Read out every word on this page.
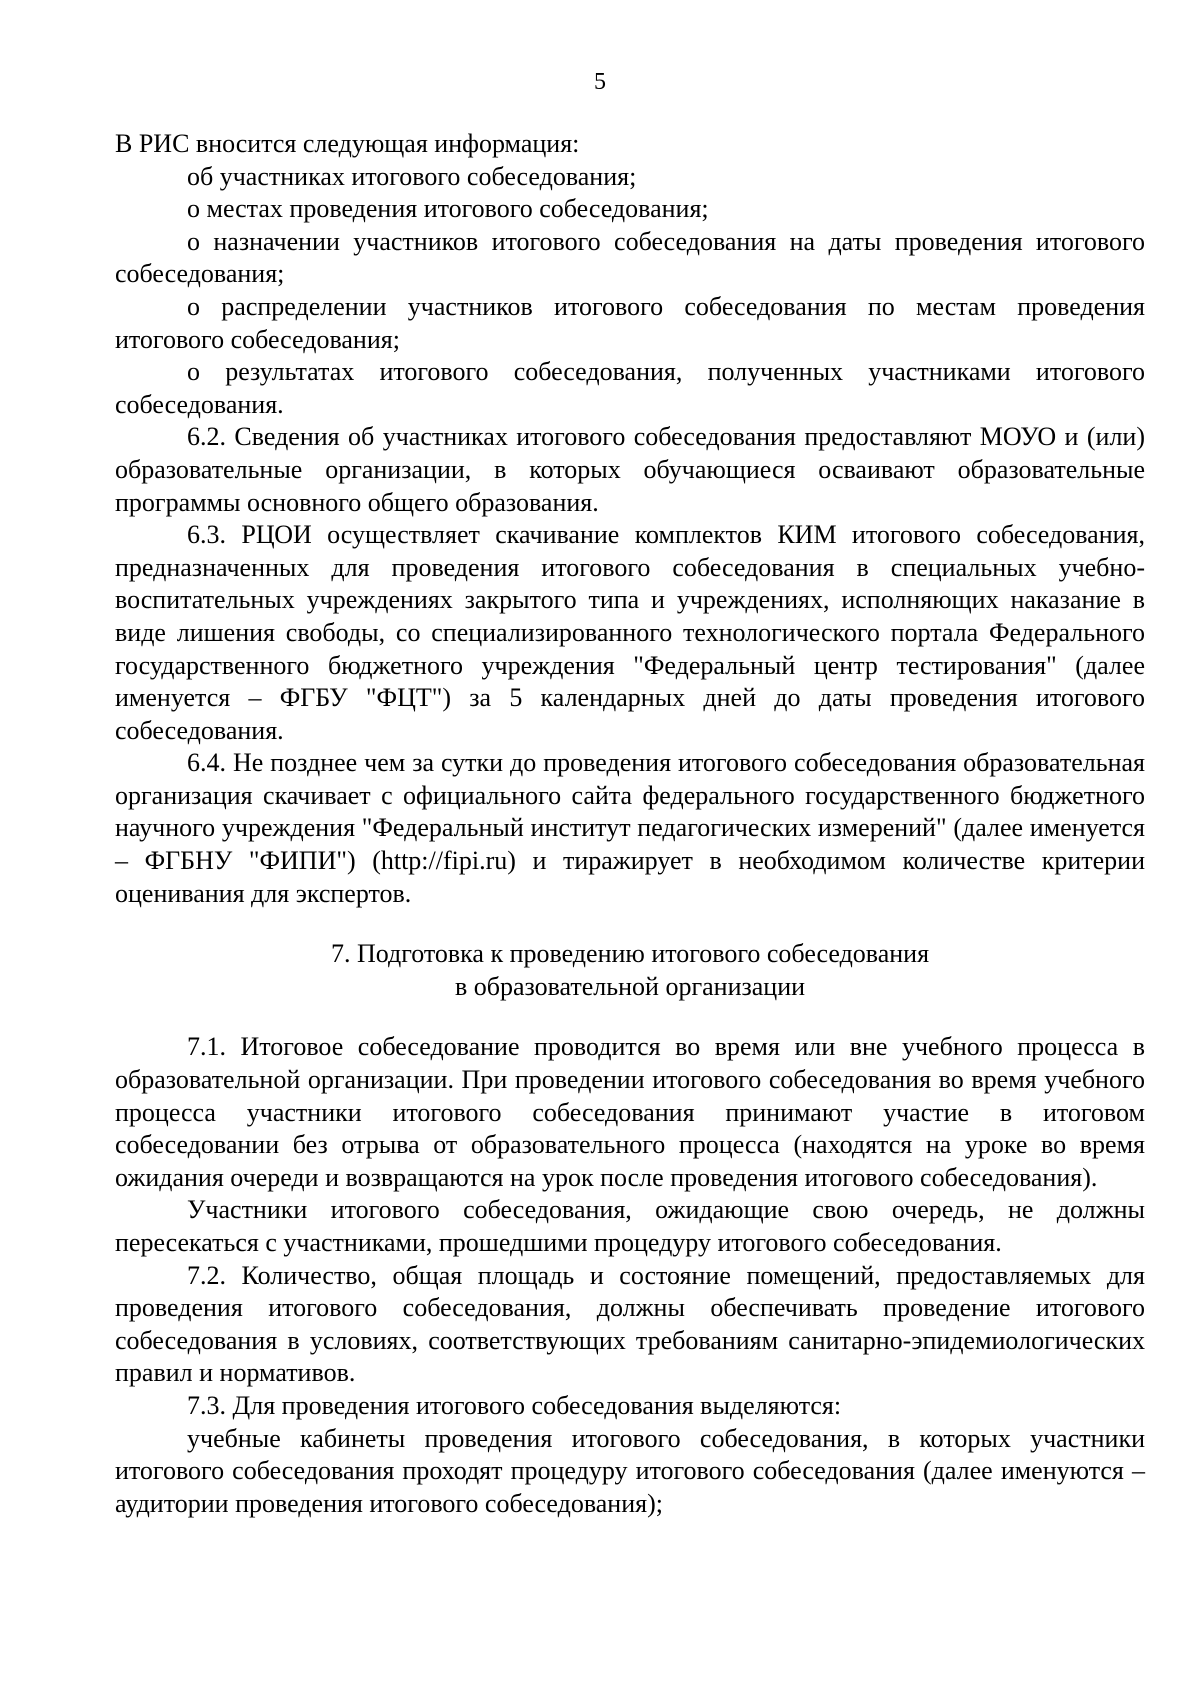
5

В РИС вносится следующая информация:

об участниках итогового собеседования;

о местах проведения итогового собеседования;

о назначении участников итогового собеседования на даты проведения итогового собеседования;

о распределении участников итогового собеседования по местам проведения итогового собеседования;

о результатах итогового собеседования, полученных участниками итогового собеседования.

6.2. Сведения об участниках итогового собеседования предоставляют МОУО и (или) образовательные организации, в которых обучающиеся осваивают образовательные программы основного общего образования.

6.3. РЦОИ осуществляет скачивание комплектов КИМ итогового собеседования, предназначенных для проведения итогового собеседования в специальных учебно-воспитательных учреждениях закрытого типа и учреждениях, исполняющих наказание в виде лишения свободы, со специализированного технологического портала Федерального государственного бюджетного учреждения "Федеральный центр тестирования" (далее именуется – ФГБУ "ФЦТ") за 5 календарных дней до даты проведения итогового собеседования.

6.4. Не позднее чем за сутки до проведения итогового собеседования образовательная организация скачивает с официального сайта федерального государственного бюджетного научного учреждения "Федеральный институт педагогических измерений" (далее именуется – ФГБНУ "ФИПИ") (http://fipi.ru) и тиражирует в необходимом количестве критерии оценивания для экспертов.

7. Подготовка к проведению итогового собеседования
в образовательной организации

7.1. Итоговое собеседование проводится во время или вне учебного процесса в образовательной организации. При проведении итогового собеседования во время учебного процесса участники итогового собеседования принимают участие в итоговом собеседовании без отрыва от образовательного процесса (находятся на уроке во время ожидания очереди и возвращаются на урок после проведения итогового собеседования).

Участники итогового собеседования, ожидающие свою очередь, не должны пересекаться с участниками, прошедшими процедуру итогового собеседования.

7.2. Количество, общая площадь и состояние помещений, предоставляемых для проведения итогового собеседования, должны обеспечивать проведение итогового собеседования в условиях, соответствующих требованиям санитарно-эпидемиологических правил и нормативов.

7.3. Для проведения итогового собеседования выделяются:

учебные кабинеты проведения итогового собеседования, в которых участники итогового собеседования проходят процедуру итогового собеседования (далее именуются – аудитории проведения итогового собеседования);
